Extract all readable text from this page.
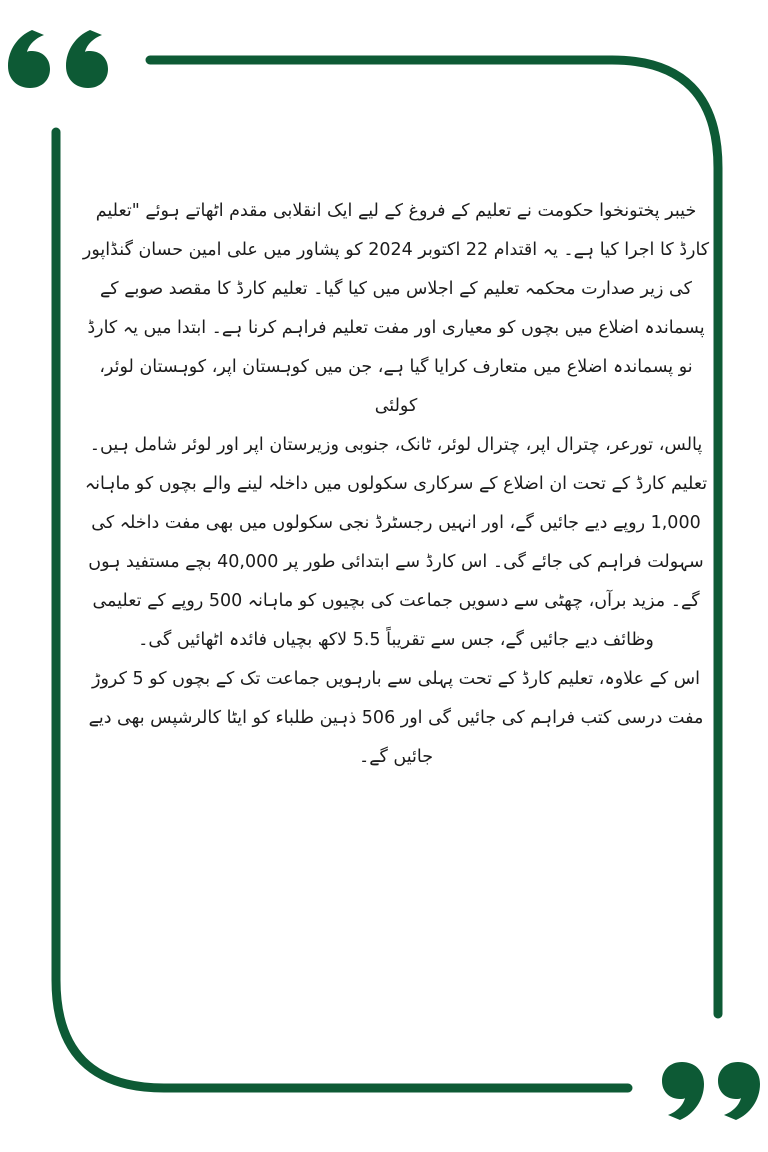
خیبر پختونخوا حکومت نے تعلیم کے فروغ کے لیے ایک انقلابی مقدم اٹھاتے ہوئے "تعلیم کارڈ کا اجرا کیا ہے۔ یہ اقتدام 22 اکتوبر 2024 کو پشاور میں علی امین حسان گنڈاپور کی زیر صدارت محکمہ تعلیم کے اجلاس میں کیا گیا۔ تعلیم کارڈ کا مقصد صوبے کے پسماندہ اضلاع میں بچوں کو معیاری اور مفت تعلیم فراہم کرنا ہے۔ ابتدا میں یہ کارڈ نو پسماندہ اضلاع میں متعارف کرایا گیا ہے، جن میں کوہستان اپر، کوہستان لوئر، کولئی

پالس، تورعر، چترال اپر، چترال لوئر، ٹانک، جنوبی وزیرستان اپر اور لوئر شامل ہیں۔ تعلیم کارڈ کے تحت ان اضلاع کے سرکاری سکولوں میں داخلہ لینے والے بچوں کو ماہانہ 1,000 روپے دیے جائیں گے، اور انہیں رجسٹرڈ نجی سکولوں میں بھی مفت داخلہ کی سہولت فراہم کی جائے گی۔ اس کارڈ سے ابتدائی طور پر 40,000 بچے مستفید ہوں گے۔ مزید برآں، چھٹی سے دسویں جماعت کی بچیوں کو ماہانہ 500 روپے کے تعلیمی وظائف دیے جائیں گے، جس سے تقریباً 5.5 لاکھ بچیاں فائدہ اٹھائیں گی۔

اس کے علاوہ، تعلیم کارڈ کے تحت پہلی سے بارہویں جماعت تک کے بچوں کو 5 کروڑ مفت درسی کتب فراہم کی جائیں گی اور 506 ذہین طلباء کو ایٹا کالرشپس بھی دیے جائیں گے۔
